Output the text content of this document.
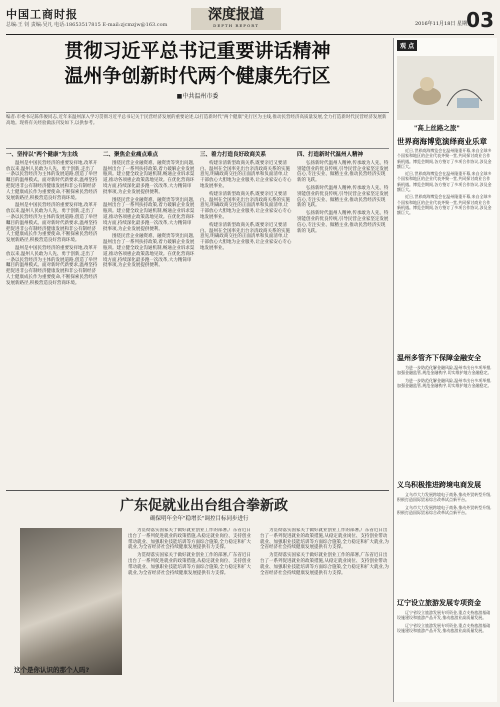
中国工商时报
总编:王 钊 责编:吴凡 电话:18653517815 E-mail:zjcmzjw@163.com
深度报道
DEPTH REPORT	2016年11月18日 星期五
03
贯彻习近平总书记重要讲话精神
温州争创新时代两个健康先行区
■中共温州市委
编者:市委书记陈伟俊同志,近年来温州深入学习贯彻习近平总书记关于民营经济发展的重要论述,以打造新时代"两个健康"先行区为主线,推动民营经济高质量发展,全力打造新时代民营经济发展新高地。现将有关经验做法刊发如下,以供参考。
一、坚持以"两个健康"为主线

温州是中国民营经济的重要发祥地,改革开放以来,温州人民敢为人先、勇于创新,走出了一条以民营经济为主体的发展道路,创造了举世瞩目的温州模式。面对新时代新要求,温州坚持把促进非公有制经济健康发展和非公有制经济人士健康成长作为重要使命,不断探索民营经济发展新路径,积极营造良好营商环境。

温州是中国民营经济的重要发祥地,改革开放以来,温州人民敢为人先、勇于创新,走出了一条以民营经济为主体的发展道路,创造了举世瞩目的温州模式。面对新时代新要求,温州坚持把促进非公有制经济健康发展和非公有制经济人士健康成长作为重要使命,不断探索民营经济发展新路径,积极营造良好营商环境。

温州是中国民营经济的重要发祥地,改革开放以来,温州人民敢为人先、勇于创新,走出了一条以民营经济为主体的发展道路,创造了举世瞩目的温州模式。面对新时代新要求,温州坚持把促进非公有制经济健康发展和非公有制经济人士健康成长作为重要使命,不断探索民营经济发展新路径,积极营造良好营商环境。

二、聚焦企业痛点难点

围绕民营企业融资难、融资贵等突出问题,温州出台了一系列扶持政策,着力破解企业发展瓶颈。建立健全政企沟通机制,畅通企业诉求渠道,推动各项惠企政策落地见效。在优化营商环境方面,持续深化最多跑一次改革,大力精简审批事项,为企业发展提供便利。

围绕民营企业融资难、融资贵等突出问题,温州出台了一系列扶持政策,着力破解企业发展瓶颈。建立健全政企沟通机制,畅通企业诉求渠道,推动各项惠企政策落地见效。在优化营商环境方面,持续深化最多跑一次改革,大力精简审批事项,为企业发展提供便利。

围绕民营企业融资难、融资贵等突出问题,温州出台了一系列扶持政策,着力破解企业发展瓶颈。建立健全政企沟通机制,畅通企业诉求渠道,推动各项惠企政策落地见效。在优化营商环境方面,持续深化最多跑一次改革,大力精简审批事项,为企业发展提供便利。

三、着力打造良好政商关系

构建亲清新型政商关系,既要亲近又要清白。温州在全国率先出台亲清政商关系的实施意见,明确政商交往的正面清单和负面清单,让干部放心大胆地为企业服务,让企业家安心专心地发展事业。

构建亲清新型政商关系,既要亲近又要清白。温州在全国率先出台亲清政商关系的实施意见,明确政商交往的正面清单和负面清单,让干部放心大胆地为企业服务,让企业家安心专心地发展事业。

构建亲清新型政商关系,既要亲近又要清白。温州在全国率先出台亲清政商关系的实施意见,明确政商交往的正面清单和负面清单,让干部放心大胆地为企业服务,让企业家安心专心地发展事业。

四、打造新时代温州人精神

弘扬新时代温州人精神,传承敢为人先、特别能创业的优良传统,引导民营企业家坚定发展信心,专注实业、做精主业,推动民营经济实现新的飞跃。

弘扬新时代温州人精神,传承敢为人先、特别能创业的优良传统,引导民营企业家坚定发展信心,专注实业、做精主业,推动民营经济实现新的飞跃。

弘扬新时代温州人精神,传承敢为人先、特别能创业的优良传统,引导民营企业家坚定发展信心,专注实业、做精主业,推动民营经济实现新的飞跃。

广东促就业出台组合拳新政
确保明年全年"稳增长"调控目标同步进行
这个是你认识的那个人吗?

为贯彻落实国家关于做好就业创业工作的部署,广东省近日出台了一系列促进就业的政策措施,从稳定就业岗位、支持创业带动就业、加强职业技能培训等方面综合施策,全力稳定和扩大就业,为全省经济社会持续健康发展提供有力支撑。

为贯彻落实国家关于做好就业创业工作的部署,广东省近日出台了一系列促进就业的政策措施,从稳定就业岗位、支持创业带动就业、加强职业技能培训等方面综合施策,全力稳定和扩大就业,为全省经济社会持续健康发展提供有力支撑。

为贯彻落实国家关于做好就业创业工作的部署,广东省近日出台了一系列促进就业的政策措施,从稳定就业岗位、支持创业带动就业、加强职业技能培训等方面综合施策,全力稳定和扩大就业,为全省经济社会持续健康发展提供有力支撑。

为贯彻落实国家关于做好就业创业工作的部署,广东省近日出台了一系列促进就业的政策措施,从稳定就业岗位、支持创业带动就业、加强职业技能培训等方面综合施策,全力稳定和扩大就业,为全省经济社会持续健康发展提供有力支撑。

观 点
"高上丝路之旅"
世界商海博览演绎商业乐章

近日,世界商海博览会在温州隆重开幕,来自全球多个国家和地区的企业代表齐聚一堂,共同探讨商业合作新机遇。博览会期间,各方签订了多项合作协议,涉及金额巨大。

近日,世界商海博览会在温州隆重开幕,来自全球多个国家和地区的企业代表齐聚一堂,共同探讨商业合作新机遇。博览会期间,各方签订了多项合作协议,涉及金额巨大。

近日,世界商海博览会在温州隆重开幕,来自全球多个国家和地区的企业代表齐聚一堂,共同探讨商业合作新机遇。博览会期间,各方签订了多项合作协议,涉及金额巨大。

温州多管齐下保障金融安全

为进一步防范化解金融风险,温州市出台多项举措,加强金融监管,规范金融秩序,切实维护地方金融稳定。

为进一步防范化解金融风险,温州市出台多项举措,加强金融监管,规范金融秩序,切实维护地方金融稳定。

义乌积极推进跨境电商发展

义乌市大力发展跨境电子商务,推动外贸转型升级,积极打造国际贸易综合改革试点新平台。

义乌市大力发展跨境电子商务,推动外贸转型升级,积极打造国际贸易综合改革试点新平台。

辽宁设立旅游发展专项资金

辽宁省设立旅游发展专项资金,重点支持旅游基础设施建设和旅游产品开发,推动旅游业高质量发展。

辽宁省设立旅游发展专项资金,重点支持旅游基础设施建设和旅游产品开发,推动旅游业高质量发展。
